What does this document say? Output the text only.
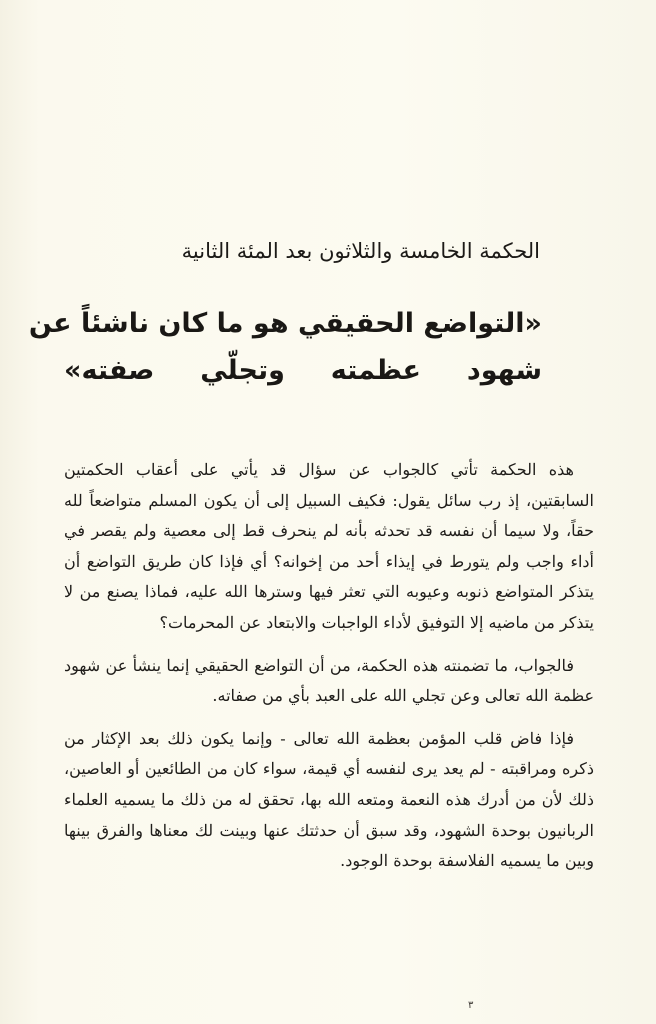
الحكمة الخامسة والثلاثون بعد المئة الثانية
«التواضع الحقيقي هو ما كان ناشئاً عن
شهود عظمته وتجلّي صفته»

هذه الحكمة تأتي كالجواب عن سؤال قد يأتي على أعقاب الحكمتين السابقتين، إذ رب سائل يقول: فكيف السبيل إلى أن يكون المسلم متواضعاً لله حقاً، ولا سيما أن نفسه قد تحدثه بأنه لم ينحرف قط إلى معصية ولم يقصر في أداء واجب ولم يتورط في إيذاء أحد من إخوانه؟ أي فإذا كان طريق التواضع أن يتذكر المتواضع ذنوبه وعيوبه التي تعثر فيها وسترها الله عليه، فماذا يصنع من لا يتذكر من ماضيه إلا التوفيق لأداء الواجبات والابتعاد عن المحرمات؟

فالجواب، ما تضمنته هذه الحكمة، من أن التواضع الحقيقي إنما ينشأ عن شهود عظمة الله تعالى وعن تجلي الله على العبد بأي من صفاته.

فإذا فاض قلب المؤمن بعظمة الله تعالى - وإنما يكون ذلك بعد الإكثار من ذكره ومراقبته - لم يعد يرى لنفسه أي قيمة، سواء كان من الطائعين أو العاصين، ذلك لأن من أدرك هذه النعمة ومتعه الله بها، تحقق له من ذلك ما يسميه العلماء الربانيون بوحدة الشهود، وقد سبق أن حدثتك عنها وبينت لك معناها والفرق بينها وبين ما يسميه الفلاسفة بوحدة الوجود.

٣
